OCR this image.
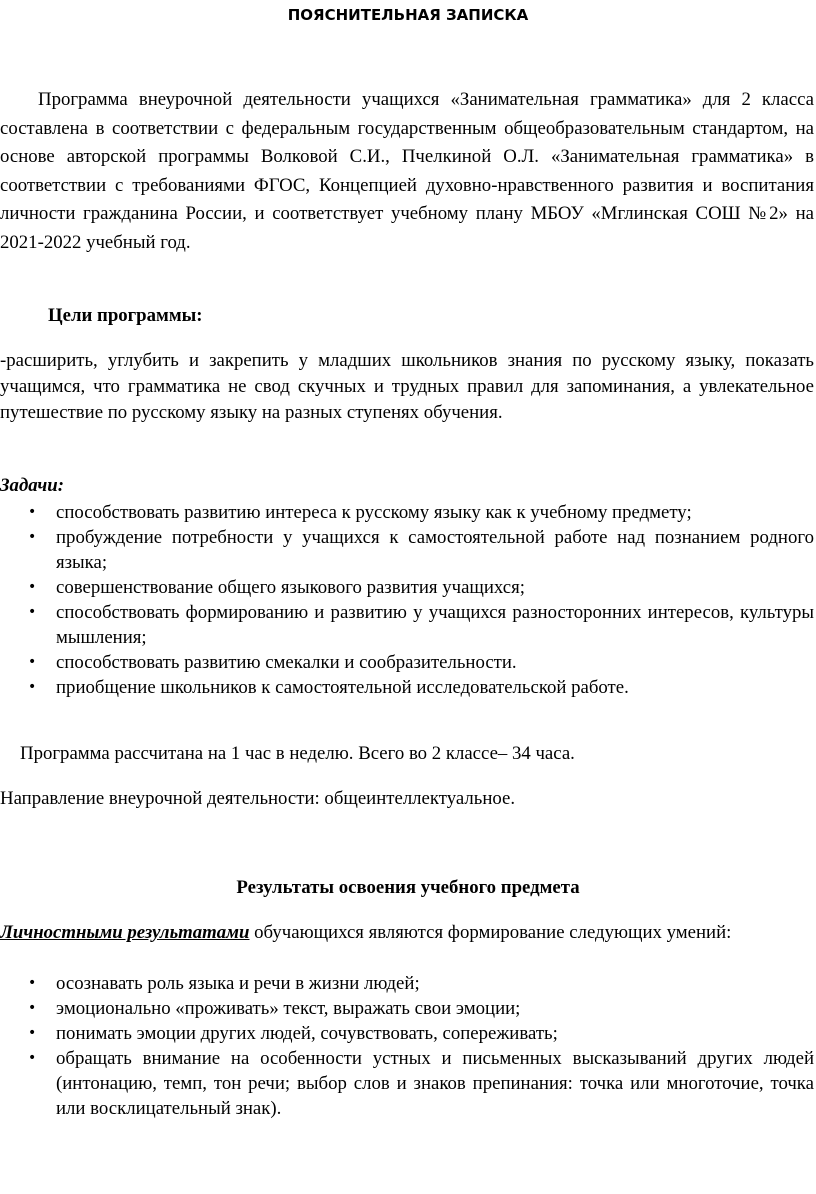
ПОЯСНИТЕЛЬНАЯ ЗАПИСКА

Программа внеурочной деятельности учащихся «Занимательная грамматика» для 2 класса составлена в соответствии с федеральным государственным общеобразовательным стандартом, на основе авторской программы Волковой С.И., Пчелкиной О.Л. «Занимательная грамматика» в соответствии с требованиями ФГОС, Концепцией духовно-нравственного развития и воспитания личности гражданина России, и соответствует учебному плану МБОУ «Мглинская СОШ №2» на 2021-2022 учебный год.

Цели программы:

-расширить, углубить и закрепить у младших школьников знания по русскому языку, показать учащимся, что грамматика не свод скучных и трудных правил для запоминания, а увлекательное путешествие по русскому языку на разных ступенях обучения.

Задачи:

• способствовать развитию интереса к русскому языку как к учебному предмету;
• пробуждение потребности у учащихся к самостоятельной работе над познанием родного языка;
• совершенствование общего языкового развития учащихся;
• способствовать формированию и развитию у учащихся разносторонних интересов, культуры мышления;
• способствовать развитию смекалки и сообразительности.
• приобщение школьников к самостоятельной исследовательской работе.

Программа рассчитана на 1 час в неделю. Всего во 2 классе– 34 часа.

Направление внеурочной деятельности: общеинтеллектуальное.

Результаты освоения учебного предмета

Личностными результатами обучающихся являются формирование следующих умений:

• осознавать роль языка и речи в жизни людей;
• эмоционально «проживать» текст, выражать свои эмоции;
• понимать эмоции других людей, сочувствовать, сопереживать;
• обращать внимание на особенности устных и письменных высказываний других людей (интонацию, темп, тон речи; выбор слов и знаков препинания: точка или многоточие, точка или восклицательный знак).
